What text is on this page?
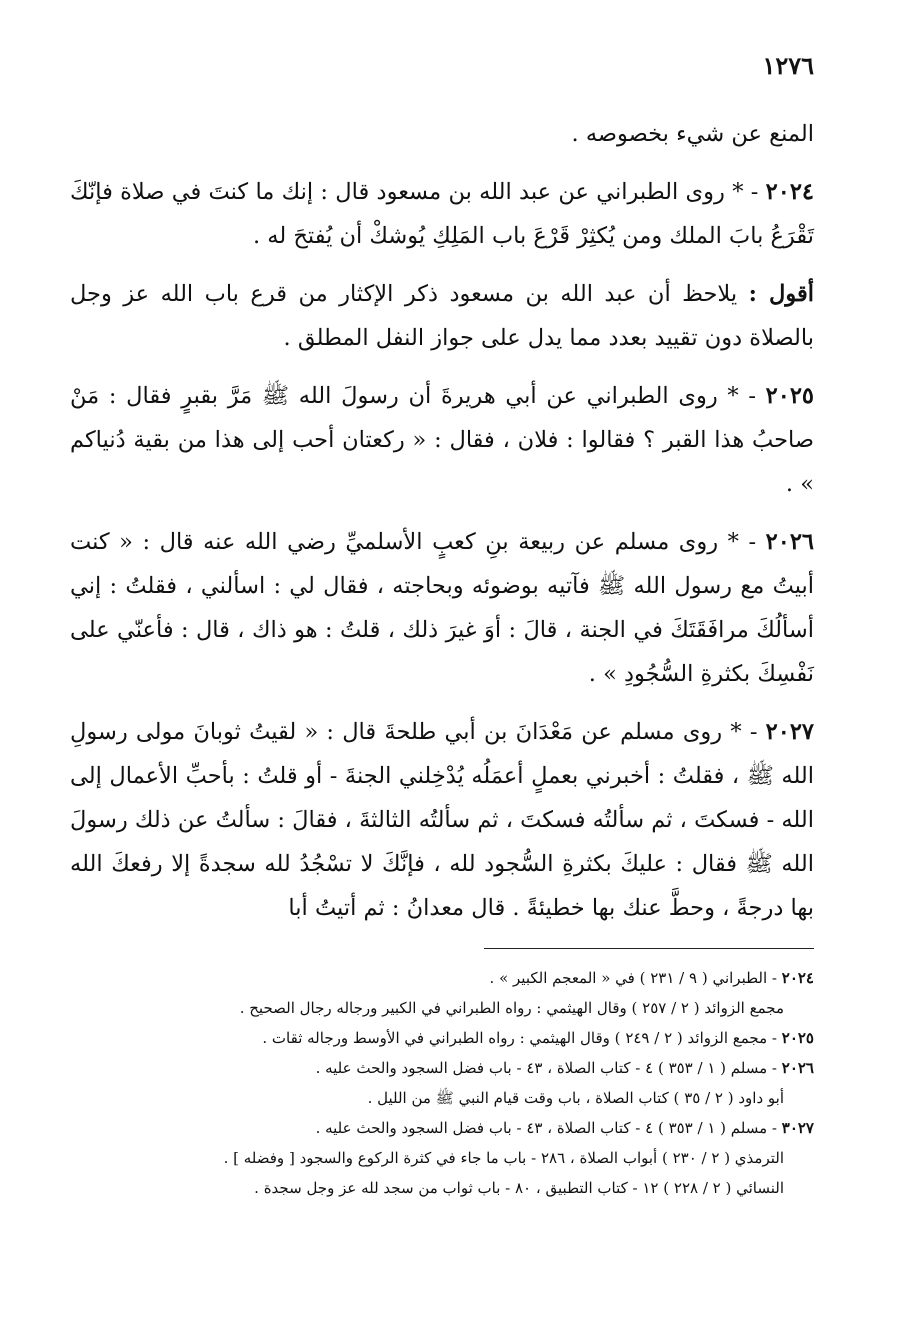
١٢٧٦

المنع عن شيء بخصوصه .

٢٠٢٤ - * روى الطبراني عن عبد الله بن مسعود قال : إنك ما كنتَ في صلاة فإنّكَ تَقْرَعُ بابَ الملك ومن يُكثِرْ قَرْعَ باب المَلِكِ يُوشكْ أن يُفتحَ له .

أقول : يلاحظ أن عبد الله بن مسعود ذكر الإكثار من قرع باب الله عز وجل بالصلاة دون تقييد بعدد مما يدل على جواز النفل المطلق .

٢٠٢٥ - * روى الطبراني عن أبي هريرةَ أن رسولَ الله ﷺ مَرَّ بقبرٍ فقال : مَنْ صاحبُ هذا القبر ؟ فقالوا : فلان ، فقال : « ركعتان أحب إلى هذا من بقية دُنياكم » .

٢٠٢٦ - * روى مسلم عن ربيعة بنِ كعبٍ الأسلميِّ رضي الله عنه قال : « كنت أبيتُ مع رسول الله ﷺ فآتيه بوضوئه وبحاجته ، فقال لي : اسألني ، فقلتُ : إني أسألُكَ مرافَقَتَكَ في الجنة ، قالَ : أوَ غيرَ ذلك ، قلتُ : هو ذاك ، قال : فأعنّي على نَفْسِكَ بكثرةِ السُّجُودِ » .

٢٠٢٧ - * روى مسلم عن مَعْدَانَ بن أبي طلحةَ قال : « لقيتُ ثوبانَ مولى رسولِ الله ﷺ ، فقلتُ : أخبرني بعملٍ أعمَلُه يُدْخِلني الجنةَ - أو قلتُ : بأحبِّ الأعمال إلى الله - فسكتَ ، ثم سألتُه فسكتَ ، ثم سألتُه الثالثةَ ، فقالَ : سألتُ عن ذلك رسولَ الله ﷺ فقال : عليكَ بكثرةِ السُّجود لله ، فإنَّكَ لا تسْجُدُ لله سجدةً إلا رفعكَ الله بها درجةً ، وحطَّ عنك بها خطيئةً . قال معدانُ : ثم أتيتُ أبا

٢٠٢٤ - الطبراني ( ٩ / ٢٣١ ) في « المعجم الكبير » .

مجمع الزوائد ( ٢ / ٢٥٧ ) وقال الهيثمي : رواه الطبراني في الكبير ورجاله رجال الصحيح .

٢٠٢٥ - مجمع الزوائد ( ٢ / ٢٤٩ ) وقال الهيثمي : رواه الطبراني في الأوسط ورجاله ثقات .

٢٠٢٦ - مسلم ( ١ / ٣٥٣ ) ٤ - كتاب الصلاة ، ٤٣ - باب فضل السجود والحث عليه .

أبو داود ( ٢ / ٣٥ ) كتاب الصلاة ، باب وقت قيام النبي ﷺ من الليل .

٣٠٢٧ - مسلم ( ١ / ٣٥٣ ) ٤ - كتاب الصلاة ، ٤٣ - باب فضل السجود والحث عليه .

الترمذي ( ٢ / ٢٣٠ ) أبواب الصلاة ، ٢٨٦ - باب ما جاء في كثرة الركوع والسجود [ وفضله ] .

النسائي ( ٢ / ٢٢٨ ) ١٢ - كتاب التطبيق ، ٨٠ - باب ثواب من سجد لله عز وجل سجدة .
